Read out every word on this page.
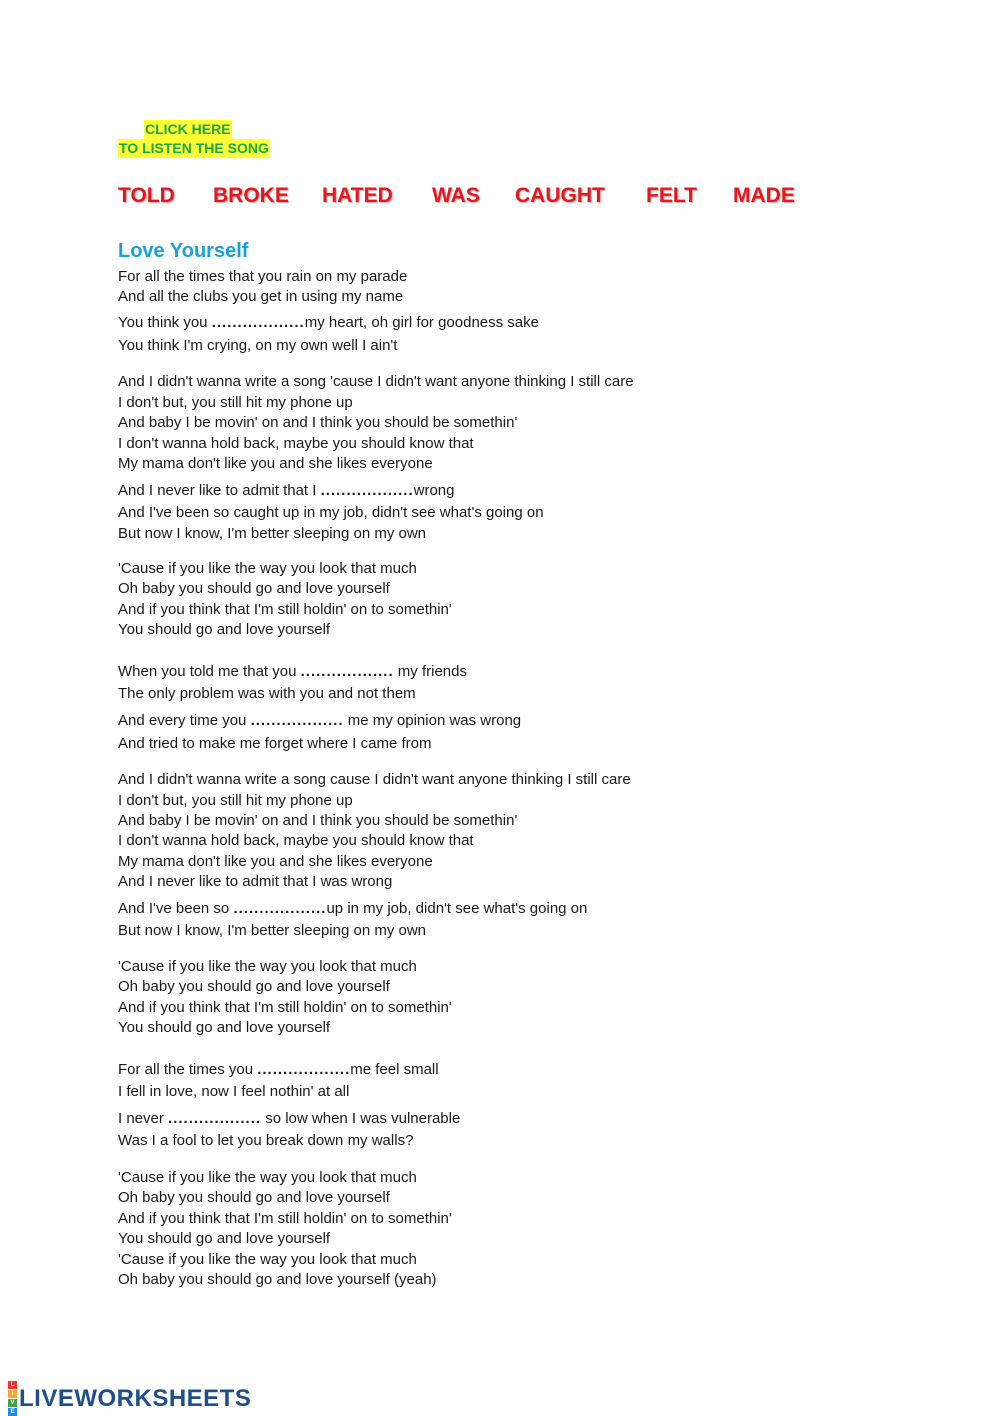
CLICK HERE
TO LISTEN THE SONG
TOLD BROKE HATED WAS CAUGHT FELT MADE
Love Yourself
For all the times that you rain on my parade
And all the clubs you get in using my name
You think you ..................my heart, oh girl for goodness sake
You think I'm crying, on my own well I ain't
And I didn't wanna write a song 'cause I didn't want anyone thinking I still care
I don't but, you still hit my phone up
And baby I be movin' on and I think you should be somethin'
I don't wanna hold back, maybe you should know that
My mama don't like you and she likes everyone
And I never like to admit that I ..................wrong
And I've been so caught up in my job, didn't see what's going on
But now I know, I'm better sleeping on my own
'Cause if you like the way you look that much
Oh baby you should go and love yourself
And if you think that I'm still holdin' on to somethin'
You should go and love yourself
When you told me that you .................. my friends
The only problem was with you and not them
And every time you .................. me my opinion was wrong
And tried to make me forget where I came from
And I didn't wanna write a song cause I didn't want anyone thinking I still care
I don't but, you still hit my phone up
And baby I be movin' on and I think you should be somethin'
I don't wanna hold back, maybe you should know that
My mama don't like you and she likes everyone
And I never like to admit that I was wrong
And I've been so ..................up in my job, didn't see what's going on
But now I know, I'm better sleeping on my own
'Cause if you like the way you look that much
Oh baby you should go and love yourself
And if you think that I'm still holdin' on to somethin'
You should go and love yourself
For all the times you ..................me feel small
I fell in love, now I feel nothin' at all
I never .................. so low when I was vulnerable
Was I a fool to let you break down my walls?
'Cause if you like the way you look that much
Oh baby you should go and love yourself
And if you think that I'm still holdin' on to somethin'
You should go and love yourself
'Cause if you like the way you look that much
Oh baby you should go and love yourself (yeah)
L
I
V
E
LIVEWORKSHEETS
